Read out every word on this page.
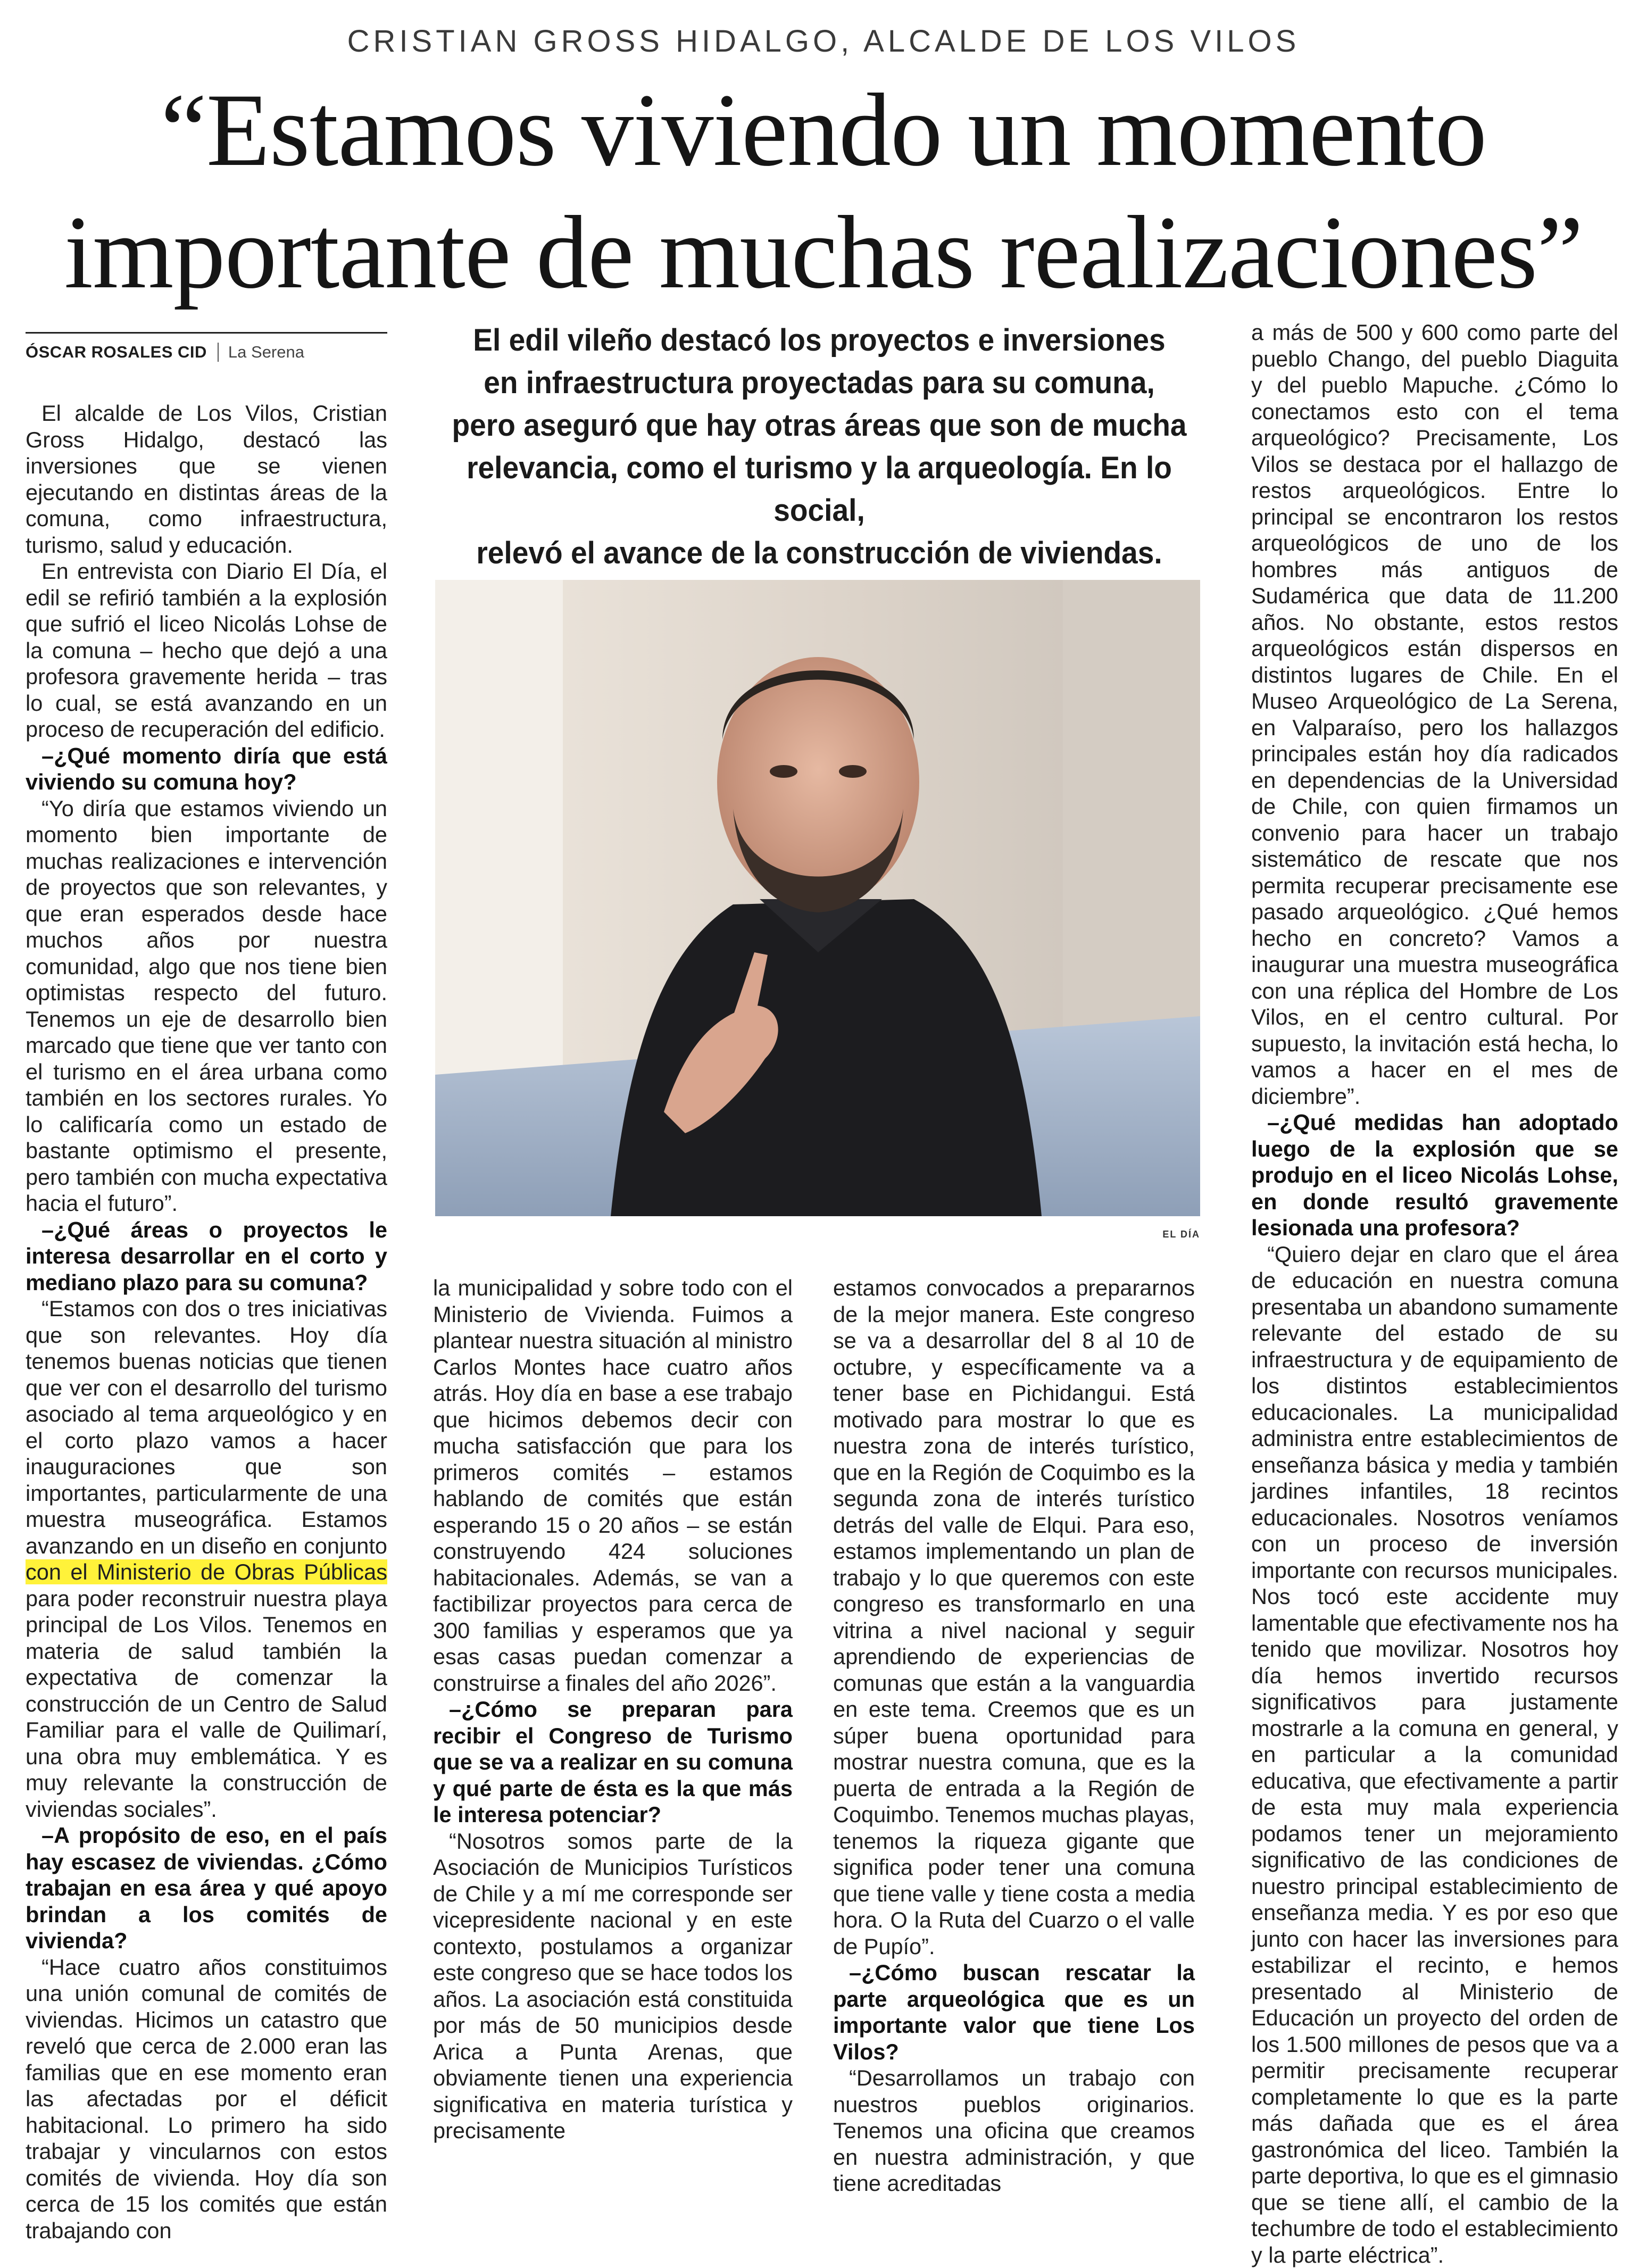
CRISTIAN GROSS HIDALGO, ALCALDE DE LOS VILOS
“Estamos viviendo un momento
importante de muchas realizaciones”
ÓSCAR ROSALES CID	La Serena	El edil vileño destacó los proyectos e inversiones
en infraestructura proyectadas para su comuna,
pero aseguró que hay otras áreas que son de mucha
relevancia, como el turismo y la arqueología. En lo social,
relevó el avance de la construcción de viviendas.

El alcalde de Los Vilos, Cristian Gross Hidalgo, destacó las inversiones que se vienen ejecutando en distintas áreas de la comuna, como infraestructura, turismo, salud y educación.

En entrevista con Diario El Día, el edil se refirió también a la explosión que sufrió el liceo Nicolás Lohse de la comuna – hecho que dejó a una profesora gravemente herida – tras lo cual, se está avanzando en un proceso de recuperación del edificio.

–¿Qué momento diría que está viviendo su comuna hoy?

“Yo diría que estamos viviendo un momento bien importante de muchas realizaciones e intervención de proyectos que son relevantes, y que eran esperados desde hace muchos años por nuestra comunidad, algo que nos tiene bien optimistas respecto del futuro. Tenemos un eje de desarrollo bien marcado que tiene que ver tanto con el turismo en el área urbana como también en los sectores rurales. Yo lo calificaría como un estado de bastante optimismo el presente, pero también con mucha expectativa hacia el futuro”.

–¿Qué áreas o proyectos le interesa desarrollar en el corto y mediano plazo para su comuna?

“Estamos con dos o tres iniciativas que son relevantes. Hoy día tenemos buenas noticias que tienen que ver con el desarrollo del turismo asociado al tema arqueológico y en el corto plazo vamos a hacer inauguraciones que son importantes, particularmente de una muestra museográfica. Estamos avanzando en un diseño en conjunto con el Ministerio de Obras Públicas para poder reconstruir nuestra playa principal de Los Vilos. Tenemos en materia de salud también la expectativa de comenzar la construcción de un Centro de Salud Familiar para el valle de Quilimarí, una obra muy emblemática. Y es muy relevante la construcción de viviendas sociales”.

–A propósito de eso, en el país hay escasez de viviendas. ¿Cómo trabajan en esa área y qué apoyo brindan a los comités de vivienda?

“Hace cuatro años constituimos una unión comunal de comités de viviendas. Hicimos un catastro que reveló que cerca de 2.000 eran las familias que en ese momento eran las afectadas por el déficit habitacional. Lo primero ha sido trabajar y vincularnos con estos comités de vivienda. Hoy día son cerca de 15 los comités que están trabajando con

EL DÍA

la municipalidad y sobre todo con el Ministerio de Vivienda. Fuimos a plantear nuestra situación al ministro Carlos Montes hace cuatro años atrás. Hoy día en base a ese trabajo que hicimos debemos decir con mucha satisfacción que para los primeros comités – estamos hablando de comités que están esperando 15 o 20 años – se están construyendo 424 soluciones habitacionales. Además, se van a factibilizar proyectos para cerca de 300 familias y esperamos que ya esas casas puedan comenzar a construirse a finales del año 2026”.

–¿Cómo se preparan para recibir el Congreso de Turismo que se va a realizar en su comuna y qué parte de ésta es la que más le interesa potenciar?

“Nosotros somos parte de la Asociación de Municipios Turísticos de Chile y a mí me corresponde ser vicepresidente nacional y en este contexto, postulamos a organizar este congreso que se hace todos los años. La asociación está constituida por más de 50 municipios desde Arica a Punta Arenas, que obviamente tienen una experiencia significativa en materia turística y precisamente

estamos convocados a prepararnos de la mejor manera. Este congreso se va a desarrollar del 8 al 10 de octubre, y específicamente va a tener base en Pichidangui. Está motivado para mostrar lo que es nuestra zona de interés turístico, que en la Región de Coquimbo es la segunda zona de interés turístico detrás del valle de Elqui. Para eso, estamos implementando un plan de trabajo y lo que queremos con este congreso es transformarlo en una vitrina a nivel nacional y seguir aprendiendo de experiencias de comunas que están a la vanguardia en este tema. Creemos que es un súper buena oportunidad para mostrar nuestra comuna, que es la puerta de entrada a la Región de Coquimbo. Tenemos muchas playas, tenemos la riqueza gigante que significa poder tener una comuna que tiene valle y tiene costa a media hora. O la Ruta del Cuarzo o el valle de Pupío”.

–¿Cómo buscan rescatar la parte arqueológica que es un importante valor que tiene Los Vilos?

“Desarrollamos un trabajo con nuestros pueblos originarios. Tenemos una oficina que creamos en nuestra administración, y que tiene acreditadas

a más de 500 y 600 como parte del pueblo Chango, del pueblo Diaguita y del pueblo Mapuche. ¿Cómo lo conectamos esto con el tema arqueológico? Precisamente, Los Vilos se destaca por el hallazgo de restos arqueológicos. Entre lo principal se encontraron los restos arqueológicos de uno de los hombres más antiguos de Sudamérica que data de 11.200 años. No obstante, estos restos arqueológicos están dispersos en distintos lugares de Chile. En el Museo Arqueológico de La Serena, en Valparaíso, pero los hallazgos principales están hoy día radicados en dependencias de la Universidad de Chile, con quien firmamos un convenio para hacer un trabajo sistemático de rescate que nos permita recuperar precisamente ese pasado arqueológico. ¿Qué hemos hecho en concreto? Vamos a inaugurar una muestra museográfica con una réplica del Hombre de Los Vilos, en el centro cultural. Por supuesto, la invitación está hecha, lo vamos a hacer en el mes de diciembre”.

–¿Qué medidas han adoptado luego de la explosión que se produjo en el liceo Nicolás Lohse, en donde resultó gravemente lesionada una profesora?

“Quiero dejar en claro que el área de educación en nuestra comuna presentaba un abandono sumamente relevante del estado de su infraestructura y de equipamiento de los distintos establecimientos educacionales. La municipalidad administra entre establecimientos de enseñanza básica y media y también jardines infantiles, 18 recintos educacionales. Nosotros veníamos con un proceso de inversión importante con recursos municipales. Nos tocó este accidente muy lamentable que efectivamente nos ha tenido que movilizar. Nosotros hoy día hemos invertido recursos significativos para justamente mostrarle a la comuna en general, y en particular a la comunidad educativa, que efectivamente a partir de esta muy mala experiencia podamos tener un mejoramiento significativo de las condiciones de nuestro principal establecimiento de enseñanza media. Y es por eso que junto con hacer las inversiones para estabilizar el recinto, e hemos presentado al Ministerio de Educación un proyecto del orden de los 1.500 millones de pesos que va a permitir precisamente recuperar completamente lo que es la parte más dañada que es el área gastronómica del liceo. También la parte deportiva, lo que es el gimnasio que se tiene allí, el cambio de la techumbre de todo el establecimiento y la parte eléctrica”.
